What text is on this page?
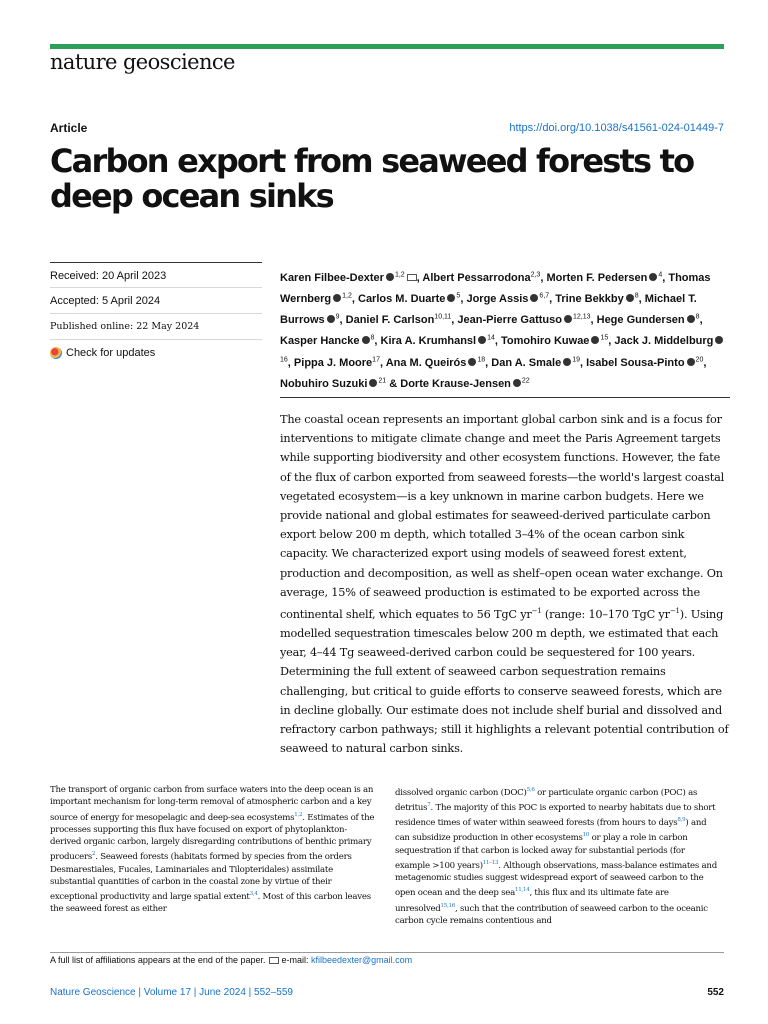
nature geoscience
Article	https://doi.org/10.1038/s41561-024-01449-7
Carbon export from seaweed forests to deep ocean sinks
Received: 20 April 2023
Accepted: 5 April 2024
Published online: 22 May 2024
Check for updates
Karen Filbee-Dexter $^{1,2}$ , Albert Pessarrodona$^{2,3}$, Morten F. Pedersen $^4$, Thomas Wernberg $^{1,2}$, Carlos M. Duarte $^5$, Jorge Assis $^{6,7}$, Trine Bekkby $^8$, Michael T. Burrows $^9$, Daniel F. Carlson$^{10,11}$, Jean-Pierre Gattuso $^{12,13}$, Hege Gundersen $^8$, Kasper Hancke $^8$, Kira A. Krumhansl $^{14}$, Tomohiro Kuwae $^{15}$, Jack J. Middelburg$^{16}$, Pippa J. Moore$^{17}$, Ana M. Queirós $^{18}$, Dan A. Smale $^{19}$, Isabel Sousa-Pinto $^{20}$, Nobuhiro Suzuki $^{21}$ & Dorte Krause-Jensen $^{22}$
The coastal ocean represents an important global carbon sink and is a focus for interventions to mitigate climate change and meet the Paris Agreement targets while supporting biodiversity and other ecosystem functions. However, the fate of the flux of carbon exported from seaweed forests—the world's largest coastal vegetated ecosystem—is a key unknown in marine carbon budgets. Here we provide national and global estimates for seaweed-derived particulate carbon export below 200 m depth, which totalled 3–4% of the ocean carbon sink capacity. We characterized export using models of seaweed forest extent, production and decomposition, as well as shelf–open ocean water exchange. On average, 15% of seaweed production is estimated to be exported across the continental shelf, which equates to 56 TgC $yr^{-1}$ (range: 10–170 TgC $yr^{-1}$). Using modelled sequestration timescales below 200 m depth, we estimated that each year, 4–44 Tg seaweed-derived carbon could be sequestered for 100 years. Determining the full extent of seaweed carbon sequestration remains challenging, but critical to guide efforts to conserve seaweed forests, which are in decline globally. Our estimate does not include shelf burial and dissolved and refractory carbon pathways; still it highlights a relevant potential contribution of seaweed to natural carbon sinks.
The transport of organic carbon from surface waters into the deep ocean is an important mechanism for long-term removal of atmospheric carbon and a key source of energy for mesopelagic and deep-sea ecosystems$^{1,2}$. Estimates of the processes supporting this flux have focused on export of phytoplankton-derived organic carbon, largely disregarding contributions of benthic primary producers$^2$. Seaweed forests (habitats formed by species from the orders Desmarestiales, Fucales, Laminariales and Tilopteridales) assimilate substantial quantities of carbon in the coastal zone by virtue of their exceptional productivity and large spatial extent$^{3,4}$. Most of this carbon leaves the seaweed forest as either
dissolved organic carbon (DOC)$^{5,6}$ or particulate organic carbon (POC) as detritus$^7$. The majority of this POC is exported to nearby habitats due to short residence times of water within seaweed forests (from hours to days$^{8,9}$) and can subsidize production in other ecosystems$^{10}$ or play a role in carbon sequestration if that carbon is locked away for substantial periods (for example >100 years)$^{11-13}$. Although observations, mass-balance estimates and metagenomic studies suggest widespread export of seaweed carbon to the open ocean and the deep sea$^{11,14}$, this flux and its ultimate fate are unresolved$^{15,16}$, such that the contribution of seaweed carbon to the oceanic carbon cycle remains contentious and
A full list of affiliations appears at the end of the paper. e-mail: kfilbeedexter@gmail.com
Nature Geoscience | Volume 17 | June 2024 | 552–559	552
